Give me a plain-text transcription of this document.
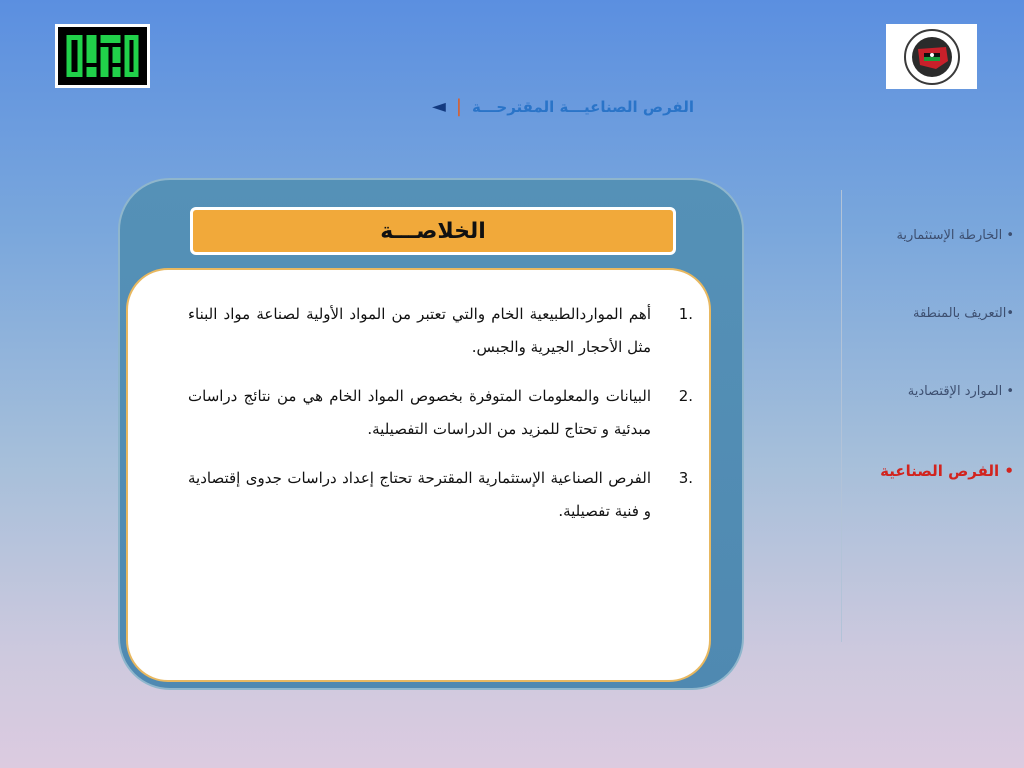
الفرص الصناعيـــة المقترحـــة
|
◄
الخلاصـــة
1.
أهم المواردالطبيعية الخام والتي تعتبر من المواد الأولية لصناعة مواد البناء مثل الأحجار الجيرية والجبس.
2.
البيانات والمعلومات المتوفرة بخصوص المواد الخام هي من نتائج دراسات مبدئية و تحتاج للمزيد من الدراسات التفصيلية.
3.
الفرص الصناعية الإستثمارية المقترحة تحتاج إعداد دراسات جدوى إقتصادية و فنية تفصيلية.
• الخارطة الإستثمارية
•التعريف بالمنطقة
• الموارد الإقتصادية
• الفرص الصناعية
